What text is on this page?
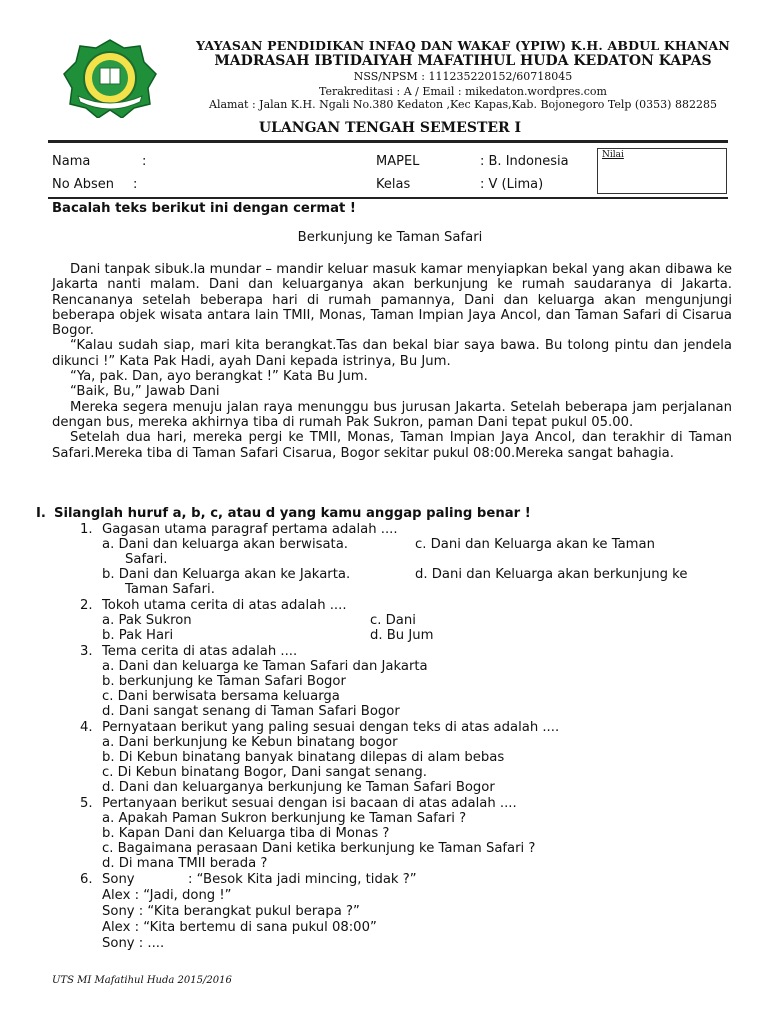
YAYASAN PENDIDIKAN INFAQ DAN WAKAF (YPIW) K.H. ABDUL KHANAN
MADRASAH IBTIDAIYAH MAFATIHUL HUDA KEDATON KAPAS
NSS/NPSM : 111235220152/60718045
Terakreditasi : A / Email : mikedaton.wordpres.com
Alamat : Jalan K.H. Ngali No.380 Kedaton ,Kec Kapas,Kab. Bojonegoro Telp (0353) 882285
ULANGAN TENGAH SEMESTER I
Nama	:
No Absen :
MAPEL	: B. Indonesia
Kelas	: V (Lima)
Nilai
Bacalah teks berikut ini dengan cermat !
Berkunjung ke Taman Safari

Dani tanpak sibuk.la mundar – mandir keluar masuk kamar menyiapkan bekal yang akan dibawa ke Jakarta nanti malam. Dani dan keluarganya akan berkunjung ke rumah saudaranya di Jakarta. Rencananya setelah beberapa hari di rumah pamannya, Dani dan keluarga akan mengunjungi beberapa objek wisata antara lain TMII, Monas, Taman Impian Jaya Ancol, dan Taman Safari di Cisarua Bogor.

“Kalau sudah siap, mari kita berangkat.Tas dan bekal biar saya bawa. Bu tolong pintu dan jendela dikunci !” Kata Pak Hadi, ayah Dani kepada istrinya, Bu Jum.

“Ya, pak. Dan, ayo berangkat !” Kata Bu Jum.

“Baik, Bu,” Jawab Dani

Mereka segera menuju jalan raya menunggu bus jurusan Jakarta. Setelah beberapa jam perjalanan dengan bus, mereka akhirnya tiba di rumah Pak Sukron, paman Dani tepat pukul 05.00.

Setelah dua hari, mereka pergi ke TMII, Monas, Taman Impian Jaya Ancol, dan terakhir di Taman Safari.Mereka tiba di Taman Safari Cisarua, Bogor sekitar pukul 08:00.Mereka sangat bahagia.

I. Silanglah huruf a, b, c, atau d yang kamu anggap paling benar !
1. Gagasan utama paragraf pertama adalah ....
a. Dani dan keluarga akan berwisata.	c. Dani dan Keluarga akan ke Taman
Safari.
b. Dani dan Keluarga akan ke Jakarta.	d. Dani dan Keluarga akan berkunjung ke
Taman Safari.
2. Tokoh utama cerita di atas adalah ....
a. Pak Sukron	c. Dani
b. Pak Hari	d. Bu Jum
3. Tema cerita di atas adalah ....
a. Dani dan keluarga ke Taman Safari dan Jakarta
b. berkunjung ke Taman Safari Bogor
c. Dani berwisata bersama keluarga
d. Dani sangat senang di Taman Safari Bogor
4. Pernyataan berikut yang paling sesuai dengan teks di atas adalah ....
a. Dani berkunjung ke Kebun binatang bogor
b. Di Kebun binatang banyak binatang dilepas di alam bebas
c. Di Kebun binatang Bogor, Dani sangat senang.
d. Dani dan keluarganya berkunjung ke Taman Safari Bogor
5. Pertanyaan berikut sesuai dengan isi bacaan di atas adalah ....
a. Apakah Paman Sukron berkunjung ke Taman Safari ?
b. Kapan Dani dan Keluarga tiba di Monas ?
c. Bagaimana perasaan Dani ketika berkunjung ke Taman Safari ?
d. Di mana TMII berada ?
6. Sony	: “Besok Kita jadi mincing, tidak ?”
Alex : “Jadi, dong !”
Sony : “Kita berangkat pukul berapa ?”
Alex : “Kita bertemu di sana pukul 08:00”
Sony : ....
UTS MI Mafatihul Huda 2015/2016
